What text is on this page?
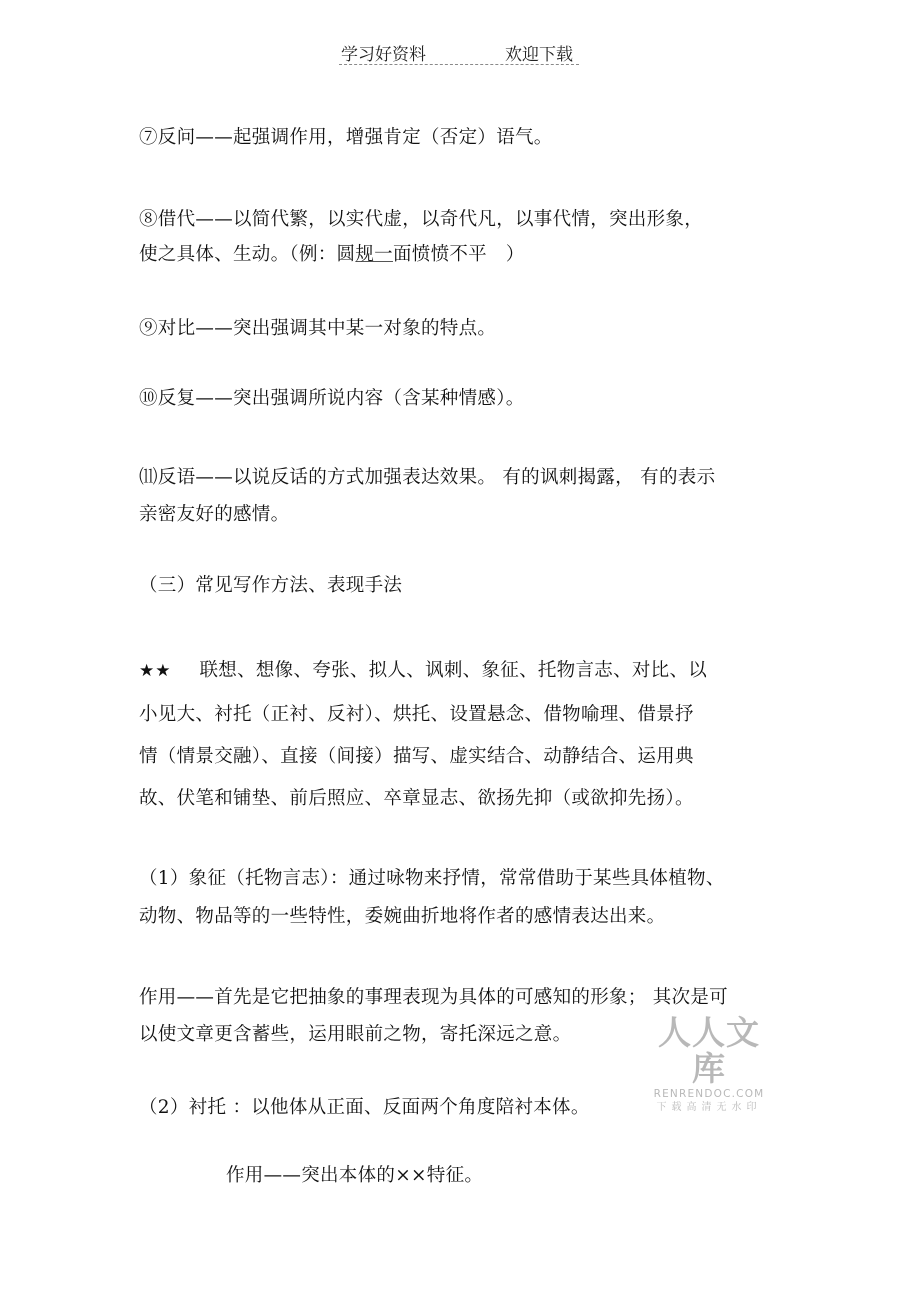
学习好资料	欢迎下载
⑦反问——起强调作用，增强肯定（否定）语气。
⑧借代——以简代繁，以实代虚，以奇代凡，以事代情，突出形象，
使之具体、生动。（例：圆规一面愤愤不平　）
⑨对比——突出强调其中某一对象的特点。
⑩反复——突出强调所说内容（含某种情感）。
⑾反语——以说反话的方式加强表达效果。 有的讽刺揭露， 有的表示
亲密友好的感情。
（三）常见写作方法、表现手法
★★ 联想、想像、夸张、拟人、讽刺、象征、托物言志、对比、以
小见大、衬托（正衬、反衬）、烘托、设置悬念、借物喻理、借景抒
情（情景交融）、直接（间接）描写、虚实结合、动静结合、运用典
故、伏笔和铺垫、前后照应、卒章显志、欲扬先抑（或欲抑先扬）。
（1）象征（托物言志）：通过咏物来抒情，常常借助于某些具体植物、
动物、物品等的一些特性，委婉曲折地将作者的感情表达出来。
作用——首先是它把抽象的事理表现为具体的可感知的形象； 其次是可
以使文章更含蓄些，运用眼前之物，寄托深远之意。
（2）衬托 ：以他体从正面、反面两个角度陪衬本体。
作用——突出本体的××特征。
人人文库
RENRENDOC.COM
下载高清无水印
